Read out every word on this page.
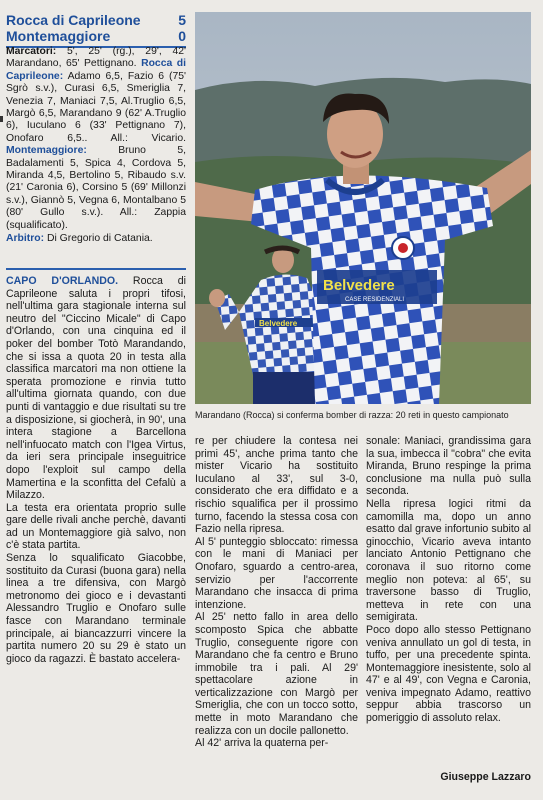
Rocca di Caprileone	5
Montemaggiore	0

Marcatori: 5', 25' (rg.), 29', 42' Marandano, 65' Pettignano. Rocca di Caprileone: Adamo 6,5, Fazio 6 (75' Sgrò s.v.), Curasi 6,5, Smeriglia 7, Venezia 7, Maniaci 7,5, Al.Truglio 6,5, Margò 6,5, Marandano 9 (62' A.Truglio 6), Iuculano 6 (33' Pettignano 7), Onofaro 6,5.. All.: Vicario. Montemaggiore: Bruno 5, Badalamenti 5, Spica 4, Cordova 5, Miranda 4,5, Bertolino 5, Ribaudo s.v. (21' Caronia 6), Corsino 5 (69' Millonzi s.v.), Giannò 5, Vegna 6, Montalbano 5 (80' Gullo s.v.). All.: Zappia (squalificato).

Arbitro: Di Gregorio di Catania.

Belvedere
Belvedere
CASE RESIDENZIALI
Marandano (Rocca) si conferma bomber di razza: 20 reti in questo campionato

CAPO D'ORLANDO. Rocca di Caprileone saluta i propri tifosi, nell'ultima gara stagionale interna sul neutro del "Ciccino Micale" di Capo d'Orlando, con una cinquina ed il poker del bomber Totò Marandando, che si issa a quota 20 in testa alla classifica marcatori ma non ottiene la sperata promozione e rinvia tutto all'ultima giornata quando, con due punti di vantaggio e due risultati su tre a disposizione, si giocherà, in 90', una intera stagione a Barcellona nell'infuocato match con l'Igea Virtus, da ieri sera principale inseguitrice dopo l'exploit sul campo della Mamertina e la sconfitta del Cefalù a Milazzo.

La testa era orientata proprio sulle gare delle rivali anche perchè, davanti ad un Montemaggiore già salvo, non c'è stata partita.

Senza lo squalificato Giacobbe, sostituito da Curasi (buona gara) nella linea a tre difensiva, con Margò metronomo dei gioco e i devastanti Alessandro Truglio e Onofaro sulle fasce con Marandano terminale principale, ai biancazzurri vincere la partita numero 20 su 29 è stato un gioco da ragazzi. È bastato accelera-

re per chiudere la contesa nei primi 45', anche prima tanto che mister Vicario ha sostituito Iuculano al 33', sul 3-0, considerato che era diffidato e a rischio squalifica per il prossimo turno, facendo la stessa cosa con Fazio nella ripresa.

Al 5' punteggio sbloccato: rimessa con le mani di Maniaci per Onofaro, sguardo a centro-area, servizio per l'accorrente Marandano che insacca di prima intenzione.

Al 25' netto fallo in area dello scomposto Spica che abbatte Truglio, conseguente rigore con Marandano che fa centro e Bruno immobile tra i pali. Al 29' spettacolare azione in verticalizzazione con Margò per Smeriglia, che con un tocco sotto, mette in moto Marandano che realizza con un docile pallonetto.

Al 42' arriva la quaterna per-

sonale: Maniaci, grandissima gara la sua, imbecca il "cobra" che evita Miranda, Bruno respinge la prima conclusione ma nulla può sulla seconda.

Nella ripresa logici ritmi da camomilla ma, dopo un anno esatto dal grave infortunio subito al ginocchio, Vicario aveva intanto lanciato Antonio Pettignano che coronava il suo ritorno come meglio non poteva: al 65', su traversone basso di Truglio, metteva in rete con una semigirata.

Poco dopo allo stesso Pettignano veniva annullato un gol di testa, in tuffo, per una precedente spinta. Montemaggiore inesistente, solo al 47' e al 49', con Vegna e Caronia, veniva impegnato Adamo, reattivo seppur abbia trascorso un pomeriggio di assoluto relax.

Giuseppe Lazzaro
